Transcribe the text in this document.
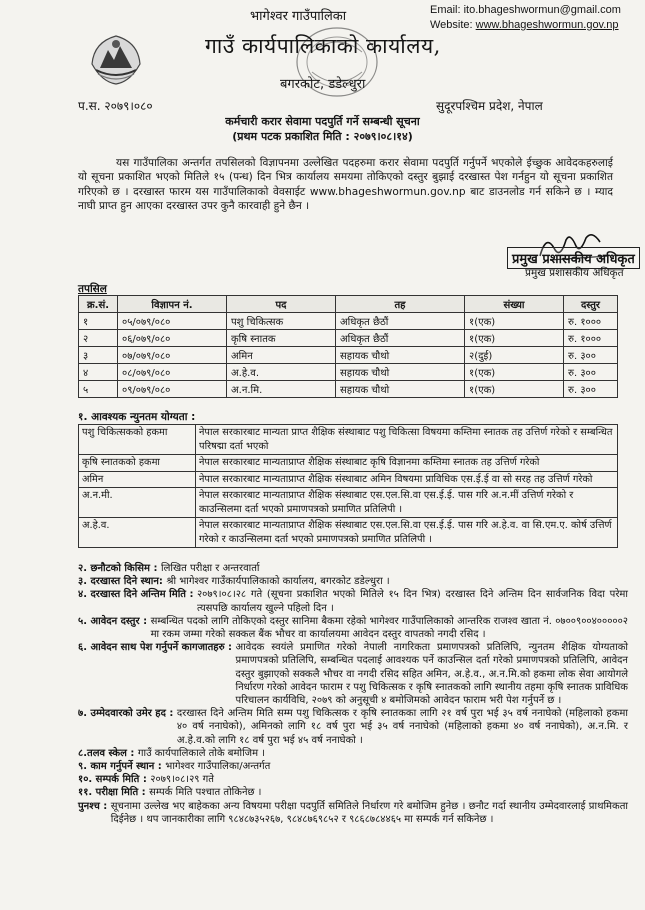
Email: ito.bhageshwormun@gmail.com
Website: www.bhageshwormun.gov.np
भागेश्वर गाउँपालिका
गाउँ कार्यपालिकाको कार्यालय,
बगरकोट, डडेल्धुरा
प.स. २०७९।०८०	सुदूरपश्चिम प्रदेश, नेपाल
कर्मचारी करार सेवामा पदपुर्ति गर्ने सम्बन्धी सूचना
(प्रथम पटक प्रकाशित मिति : २०७९।०८।१४)
यस गाउँपालिका अन्तर्गत तपसिलको विज्ञापनमा उल्लेखित पदहरुमा करार सेवामा पदपुर्ति गर्नुपर्ने भएकोले ईच्छुक आवेदकहरुलाई यो सूचना प्रकाशित भएको मितिले १५ (पन्ध) दिन भित्र कार्यालय समयमा तोकिएको दस्तुर बुझाई दरखास्त पेश गर्नहुन यो सूचना प्रकाशित गरिएको छ । दरखास्त फारम यस गाउँपालिकाको वेवसाईट www.bhageshwormun.gov.np बाट डाउनलोड गर्न सकिने छ । म्याद नाघी प्राप्त हुन आएका दरखास्त उपर कुनै कारवाही हुने छैन ।
प्रमुख प्रशासकीय अधिकृत
प्रमुख प्रशासकीय अधिकृत
तपसिल
क्र.सं.	विज्ञापन नं.	पद	तह	संख्या	दस्तुर
१	०५/०७९/०८०	पशु चिकित्सक	अधिकृत छैठौं	१(एक)	रु. १०००
२	०६/०७९/०८०	कृषि स्नातक	अधिकृत छैठौं	१(एक)	रु. १०००
३	०७/०७९/०८०	अमिन	सहायक चौथो	२(दुई)	रु. ३००
४	०८/०७९/०८०	अ.हे.व.	सहायक चौथो	१(एक)	रु. ३००
५	०९/०७९/०८०	अ.न.मि.	सहायक चौथो	१(एक)	रु. ३००
१. आवश्यक न्युनतम योग्यता :
पशु चिकित्सकको हकमा	नेपाल सरकारबाट मान्यता प्राप्त शैक्षिक संस्थाबाट पशु चिकित्सा विषयमा कम्तिमा स्नातक तह उत्तिर्ण गरेको र सम्बन्धित परिषद्मा दर्ता भएको
कृषि स्नातकको हकमा	नेपाल सरकारबाट मान्यताप्राप्त शैक्षिक संस्थाबाट कृषि विज्ञानमा कम्तिमा स्नातक तह उत्तिर्ण गरेको
अमिन	नेपाल सरकारबाट मान्यताप्राप्त शैक्षिक संस्थाबाट अमिन विषयमा प्राविधिक एस.ई.ई वा सो सरह तह उत्तिर्ण गरेको
अ.न.मी.	नेपाल सरकारबाट मान्यताप्राप्त शैक्षिक संस्थाबाट एस.एल.सि.वा एस.ई.ई. पास गरि अ.न.मीं उत्तिर्ण गरेको र काउन्सिलमा दर्ता भएको प्रमाणपत्रको प्रमाणित प्रतिलिपी ।
अ.हे.व.	नेपाल सरकारबाट मान्यताप्राप्त शैक्षिक संस्थाबाट एस.एल.सि.वा एस.ई.ई. पास गरि अ.हे.व. वा सि.एम.ए. कोर्ष उत्तिर्ण गरेको र काउन्सिलमा दर्ता भएको प्रमाणपत्रको प्रमाणित प्रतिलिपी ।
२. छनौटको किसिम : लिखित परीक्षा र अन्तरवार्ता
३. दरखास्त दिने स्थान: श्री भागेश्वर गाउँकार्यपालिकाको कार्यालय, बगरकोट डडेल्धुरा ।
४. दरखास्त दिने अन्तिम मिति : २०७९।०८।२८ गते (सूचना प्रकाशित भएको मितिले १५ दिन भित्र) दरखास्त दिने अन्तिम दिन सार्वजनिक विदा परेमा त्यसपछि कार्यालय खुल्ने पहिलो दिन ।
५. आवेदन दस्तुर : सम्बन्धित पदको लागि तोकिएको दस्तुर सानिमा बैकमा रहेको भागेश्वर गाउँपालिकाको आन्तरिक राजश्व खाता नं. ०७००९००४०००००२ मा रकम जम्मा गरेको सक्कल बैंक भौचर वा कार्यालयमा आवेदन दस्तुर वापतको नगदी रसिद ।
६. आवेदन साथ पेश गर्नुपर्ने कागजातहरु : आवेदक स्वयंले प्रमाणित गरेको नेपाली नागरिकता प्रमाणपत्रको प्रतिलिपि, न्युनतम शैक्षिक योग्यताको प्रमाणपत्रको प्रतिलिपि, सम्बन्धित पदलाई आवश्यक पर्ने काउन्सिल दर्ता गरेको प्रमाणपत्रको प्रतिलिपि, आवेदन दस्तुर बुझाएको सक्कलै भौचर वा नगदी रसिद सहित अमिन, अ.हे.व., अ.न.मि.को हकमा लोक सेवा आयोगले निर्धारण गरेको आवेदन फाराम र पशु चिकित्सक र कृषि स्नातकको लागि स्थानीय तहमा कृषि स्नातक प्राविधिक परिचालन कार्यविधि, २०७९ को अनुसूची ४ बमोजिमको आवेदन फाराम भरी पेश गर्नुपर्ने छ ।
७. उम्मेदवारको उमेर हद : दरखास्त दिने अन्तिम मिति सम्म पशु चिकित्सक र कृषि स्नातकका लागि २१ वर्ष पुरा भई ३५ वर्ष ननाघेको (महिलाको हकमा ४० वर्ष ननाघेको), अमिनको लागि १८ वर्ष पुरा भई ३५ वर्ष ननाघेको (महिलाको हकमा ४० वर्ष ननाघेको), अ.न.मि. र अ.हे.व.को लागि १८ वर्ष पुरा भई ४५ वर्ष ननाघेको ।
८.तलव स्केल : गाउँ कार्यपालिकाले तोके बमोजिम ।
९. काम गर्नुपर्ने स्थान : भागेश्वर गाउँपालिका/अन्तर्गत
१०. सम्पर्क मिति : २०७९।०८।२९ गते
११. परीक्षा मिति : सम्पर्क मिति पश्चात तोकिनेछ ।
पुनश्च : सूचनामा उल्लेख भए बाहेकका अन्य विषयमा परीक्षा पदपुर्ति समितिले निर्धारण गरे बमोजिम हुनेछ । छनौट गर्दा स्थानीय उम्मेदवारलाई प्राथमिकता दिईनेछ । थप जानकारीका लागि ९८४८७३५२६७, ९८४८७६९८५२ र ९८६८७८४४६५ मा सम्पर्क गर्न सकिनेछ ।
